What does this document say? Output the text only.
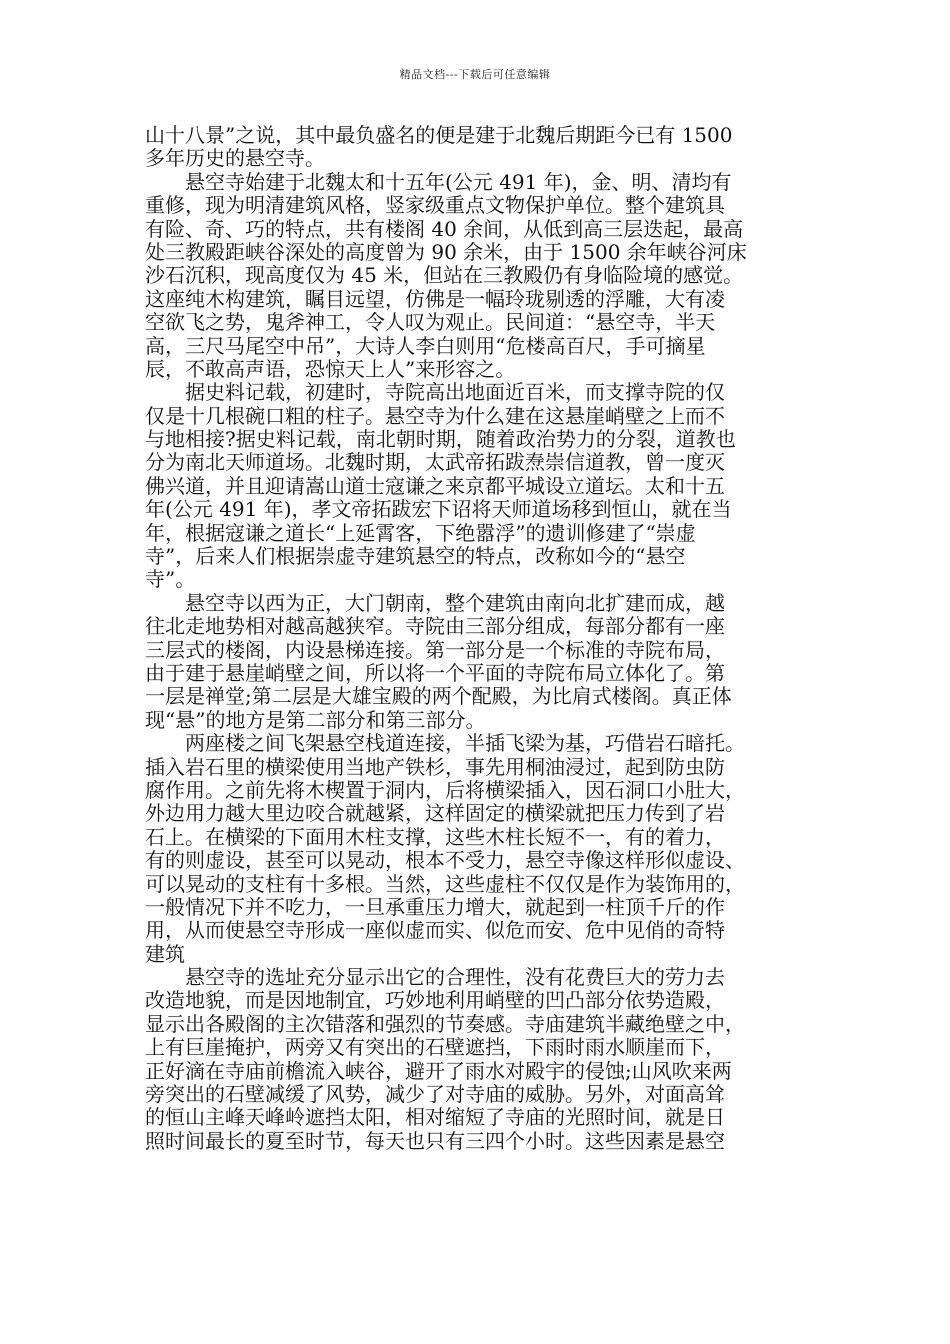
精品文档---下载后可任意编辑
山十八景”之说，其中最负盛名的便是建于北魏后期距今已有 1500
多年历史的悬空寺。
悬空寺始建于北魏太和十五年(公元 491 年)，金、明、清均有
重修，现为明清建筑风格，竖家级重点文物保护单位。整个建筑具
有险、奇、巧的特点，共有楼阁 40 余间，从低到高三层迭起，最高
处三教殿距峡谷深处的高度曾为 90 余米，由于 1500 余年峡谷河床
沙石沉积，现高度仅为 45 米，但站在三教殿仍有身临险境的感觉。
这座纯木构建筑，瞩目远望，仿佛是一幅玲珑剔透的浮雕，大有凌
空欲飞之势，鬼斧神工，令人叹为观止。民间道：“悬空寺，半天
高，三尺马尾空中吊”，大诗人李白则用“危楼高百尺，手可摘星
辰，不敢高声语，恐惊天上人”来形容之。
据史料记载，初建时，寺院高出地面近百米，而支撑寺院的仅
仅是十几根碗口粗的柱子。悬空寺为什么建在这悬崖峭壁之上而不
与地相接?据史料记载，南北朝时期，随着政治势力的分裂，道教也
分为南北天师道场。北魏时期，太武帝拓跋焘崇信道教，曾一度灭
佛兴道，并且迎请嵩山道士寇谦之来京都平城设立道坛。太和十五
年(公元 491 年)，孝文帝拓跋宏下诏将天师道场移到恒山，就在当
年，根据寇谦之道长“上延霄客，下绝嚣浮”的遗训修建了“崇虚
寺”，后来人们根据崇虚寺建筑悬空的特点，改称如今的“悬空
寺”。
悬空寺以西为正，大门朝南，整个建筑由南向北扩建而成，越
往北走地势相对越高越狭窄。寺院由三部分组成，每部分都有一座
三层式的楼阁，内设悬梯连接。第一部分是一个标准的寺院布局，
由于建于悬崖峭壁之间，所以将一个平面的寺院布局立体化了。第
一层是禅堂;第二层是大雄宝殿的两个配殿，为比肩式楼阁。真正体
现“悬”的地方是第二部分和第三部分。
两座楼之间飞架悬空栈道连接，半插飞梁为基，巧借岩石暗托。
插入岩石里的横梁使用当地产铁杉，事先用桐油浸过，起到防虫防
腐作用。之前先将木楔置于洞内，后将横梁插入，因石洞口小肚大，
外边用力越大里边咬合就越紧，这样固定的横梁就把压力传到了岩
石上。在横梁的下面用木柱支撑，这些木柱长短不一，有的着力，
有的则虚设，甚至可以晃动，根本不受力，悬空寺像这样形似虚设、
可以晃动的支柱有十多根。当然，这些虚柱不仅仅是作为装饰用的，
一般情况下并不吃力，一旦承重压力增大，就起到一柱顶千斤的作
用，从而使悬空寺形成一座似虚而实、似危而安、危中见俏的奇特
建筑
悬空寺的选址充分显示出它的合理性，没有花费巨大的劳力去
改造地貌，而是因地制宜，巧妙地利用峭壁的凹凸部分依势造殿，
显示出各殿阁的主次错落和强烈的节奏感。寺庙建筑半藏绝壁之中，
上有巨崖掩护，两旁又有突出的石壁遮挡，下雨时雨水顺崖而下，
正好滴在寺庙前檐流入峡谷，避开了雨水对殿宇的侵蚀;山风吹来两
旁突出的石壁减缓了风势，减少了对寺庙的威胁。另外，对面高耸
的恒山主峰天峰岭遮挡太阳，相对缩短了寺庙的光照时间，就是日
照时间最长的夏至时节，每天也只有三四个小时。这些因素是悬空
